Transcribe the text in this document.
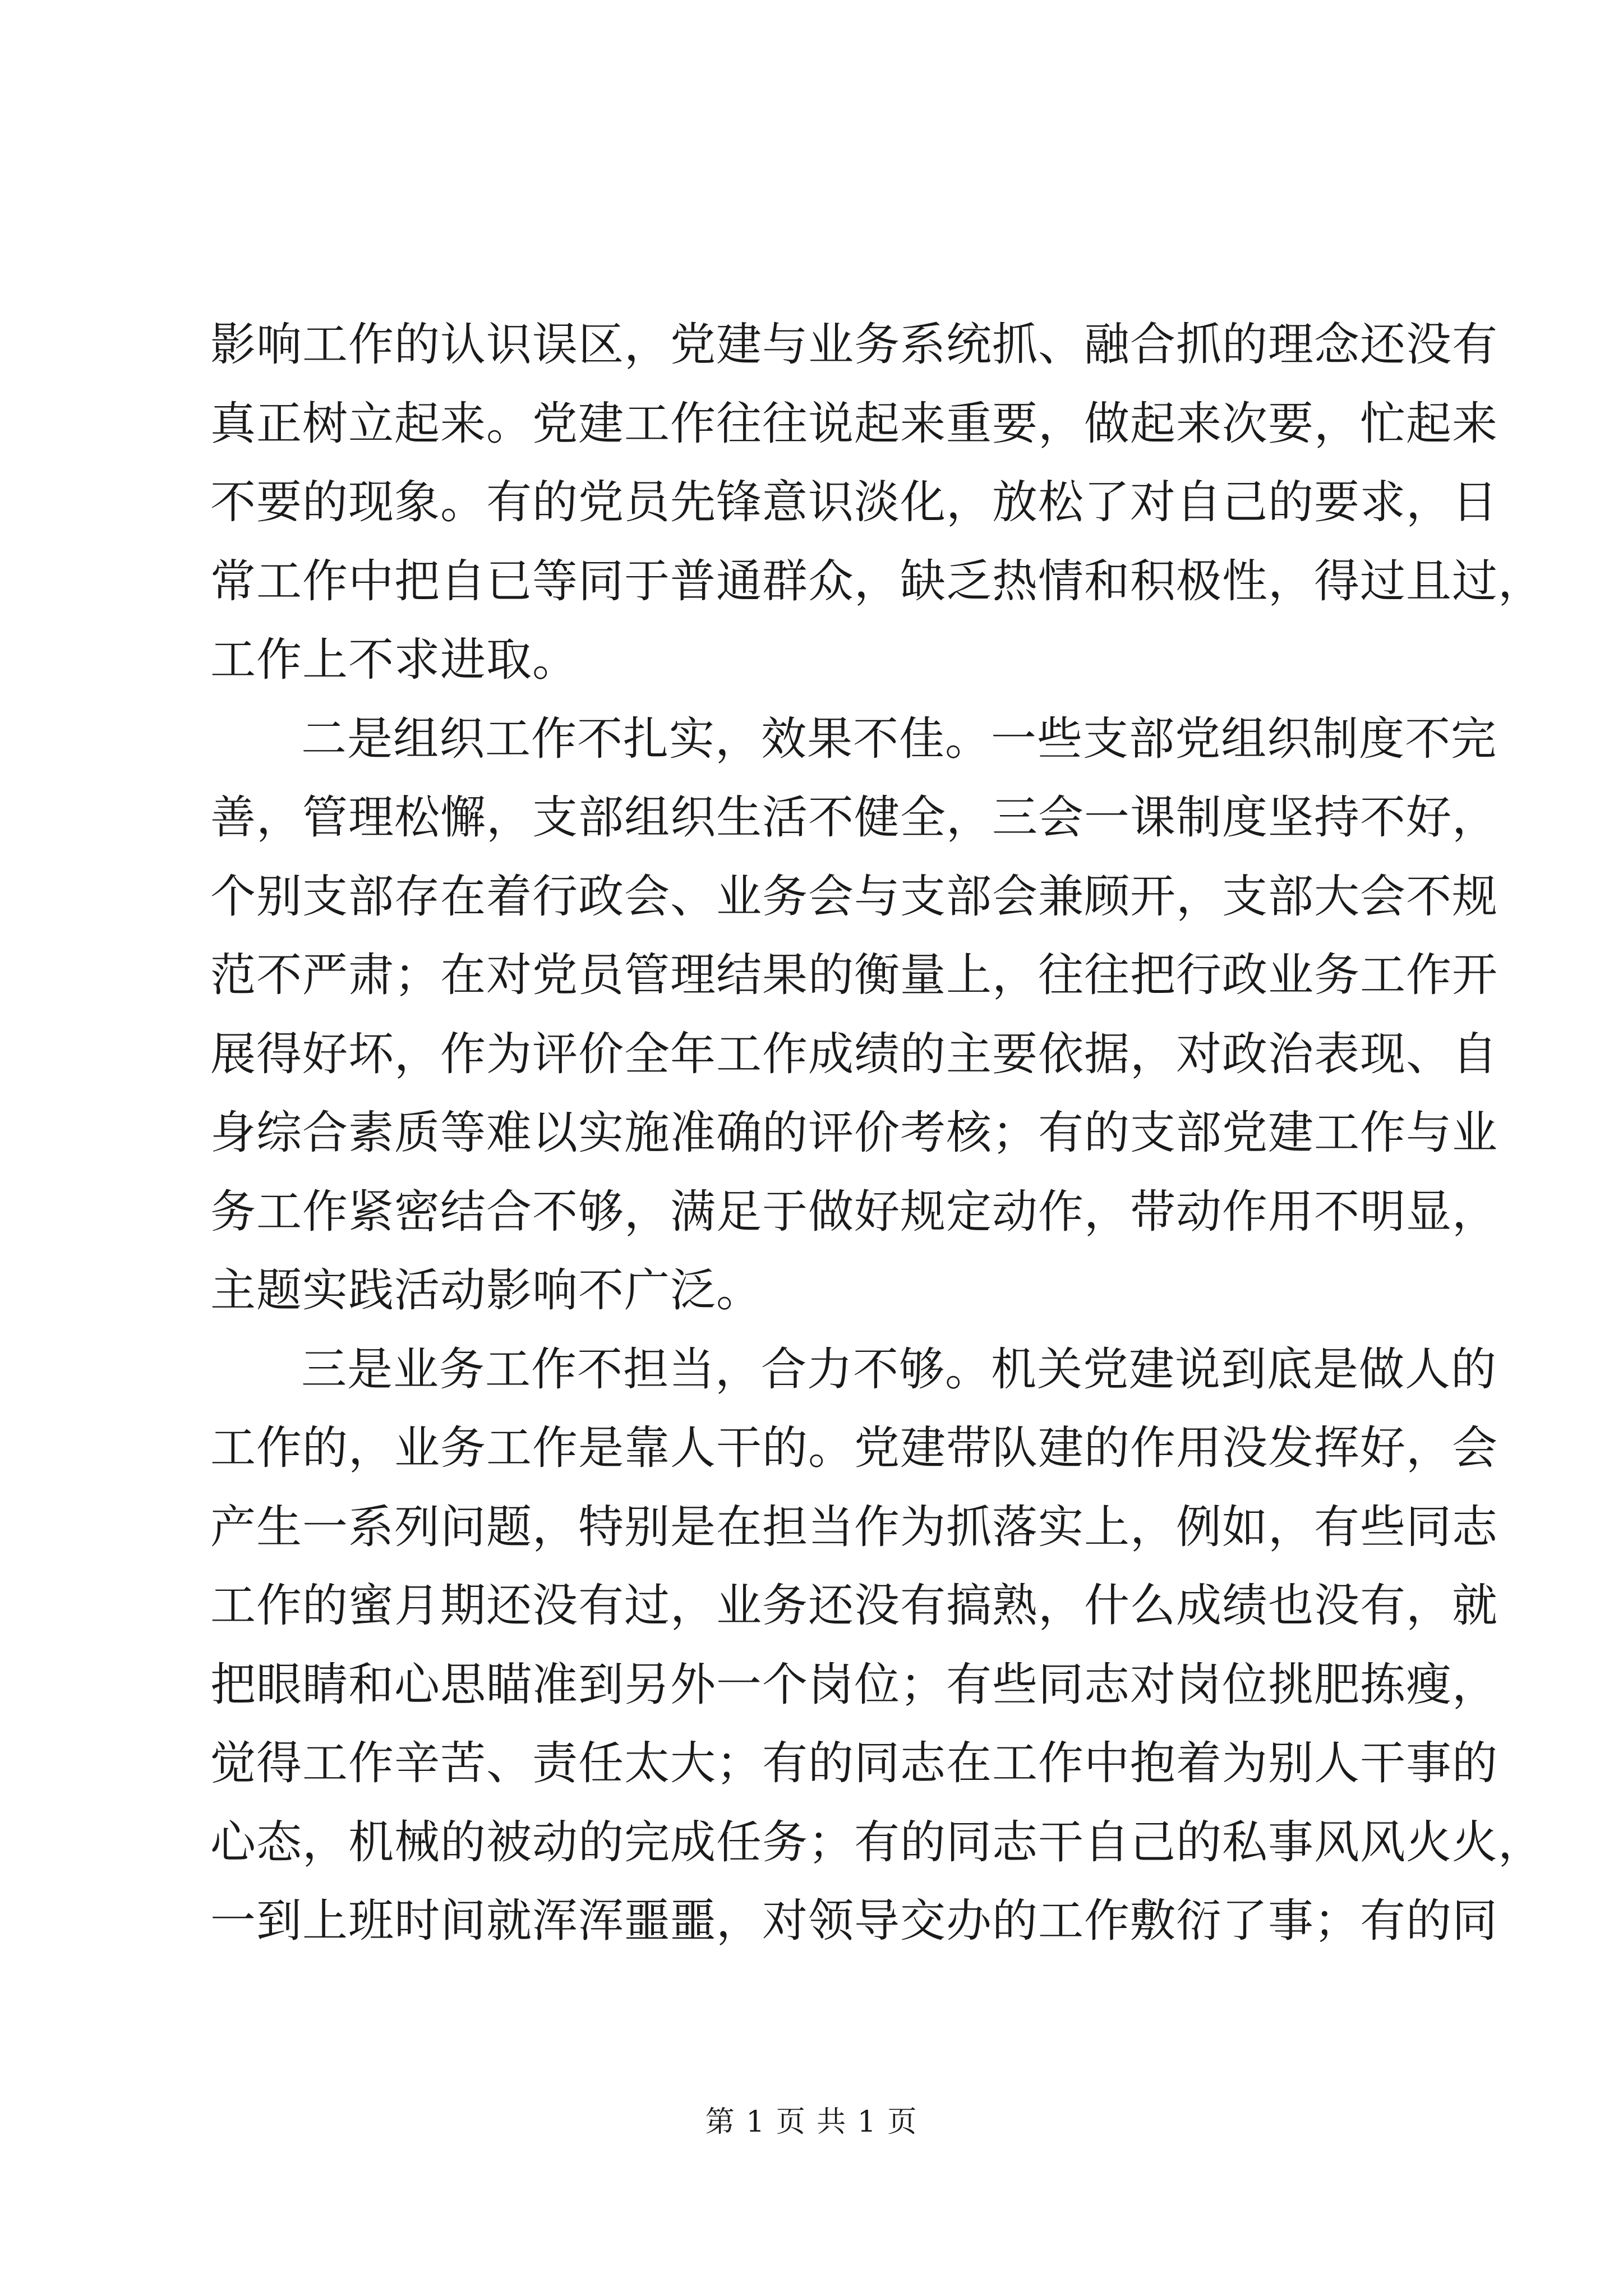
影响工作的认识误区，党建与业务系统抓、融合抓的理念还没有
真正树立起来。党建工作往往说起来重要，做起来次要，忙起来
不要的现象。有的党员先锋意识淡化，放松了对自己的要求，日
常工作中把自已等同于普通群众，缺乏热情和积极性，得过且过，
工作上不求进取。
二是组织工作不扎实，效果不佳。一些支部党组织制度不完
善，管理松懈，支部组织生活不健全，三会一课制度坚持不好，
个别支部存在着行政会、业务会与支部会兼顾开，支部大会不规
范不严肃；在对党员管理结果的衡量上，往往把行政业务工作开
展得好坏，作为评价全年工作成绩的主要依据，对政治表现、自
身综合素质等难以实施准确的评价考核；有的支部党建工作与业
务工作紧密结合不够，满足于做好规定动作，带动作用不明显，
主题实践活动影响不广泛。
三是业务工作不担当，合力不够。机关党建说到底是做人的
工作的，业务工作是靠人干的。党建带队建的作用没发挥好，会
产生一系列问题，特别是在担当作为抓落实上，例如，有些同志
工作的蜜月期还没有过，业务还没有搞熟，什么成绩也没有，就
把眼睛和心思瞄准到另外一个岗位；有些同志对岗位挑肥拣瘦，
觉得工作辛苦、责任太大；有的同志在工作中抱着为别人干事的
心态，机械的被动的完成任务；有的同志干自己的私事风风火火，
一到上班时间就浑浑噩噩，对领导交办的工作敷衍了事；有的同
第 1 页 共 1 页
